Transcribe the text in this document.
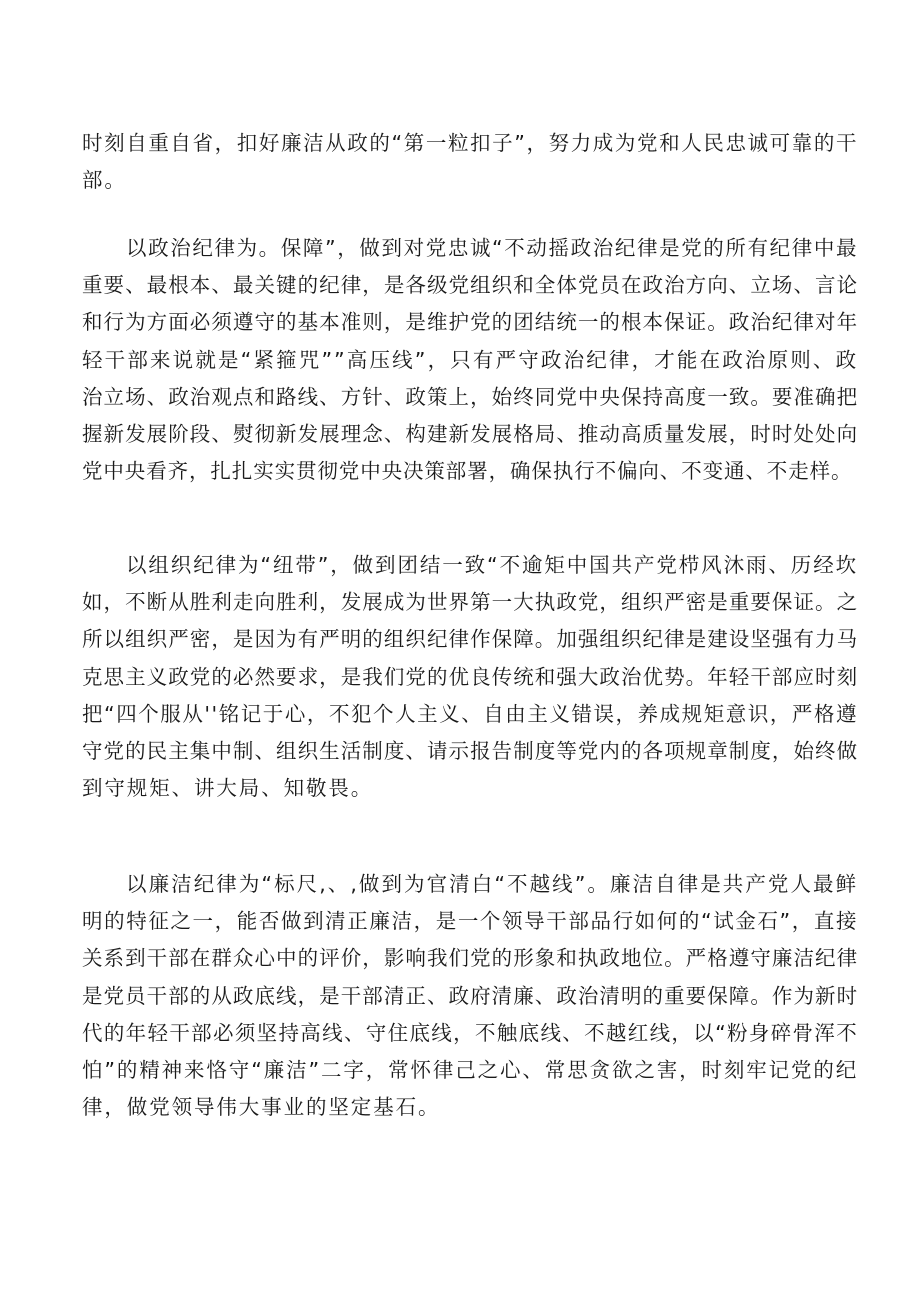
时刻自重自省，扣好廉洁从政的“第一粒扣子”，努力成为党和人民忠诚可靠的干
部。
以政治纪律为。保障”，做到对党忠诚“不动摇政治纪律是党的所有纪律中最
重要、最根本、最关键的纪律，是各级党组织和全体党员在政治方向、立场、言论
和行为方面必须遵守的基本准则，是维护党的团结统一的根本保证。政治纪律对年
轻干部来说就是“紧箍咒””高压线”，只有严守政治纪律，才能在政治原则、政
治立场、政治观点和路线、方针、政策上，始终同党中央保持高度一致。要准确把
握新发展阶段、熨彻新发展理念、构建新发展格局、推动高质量发展，时时处处向
党中央看齐，扎扎实实贯彻党中央决策部署，确保执行不偏向、不变通、不走样。
以组织纪律为“纽带”，做到团结一致“不逾矩中国共产党栉风沐雨、历经坎
如，不断从胜利走向胜利，发展成为世界第一大执政党，组织严密是重要保证。之
所以组织严密，是因为有严明的组织纪律作保障。加强组织纪律是建设坚强有力马
克思主义政党的必然要求，是我们党的优良传统和强大政治优势。年轻干部应时刻
把“四个服从''铭记于心，不犯个人主义、自由主义错误，养成规矩意识，严格遵
守党的民主集中制、组织生活制度、请示报告制度等党内的各项规章制度，始终做
到守规矩、讲大局、知敬畏。
以廉洁纪律为“标尺,、,做到为官清白“不越线”。廉洁自律是共产党人最鲜
明的特征之一，能否做到清正廉洁，是一个领导干部品行如何的“试金石”，直接
关系到干部在群众心中的评价，影响我们党的形象和执政地位。严格遵守廉洁纪律
是党员干部的从政底线，是干部清正、政府清廉、政治清明的重要保障。作为新时
代的年轻干部必须坚持高线、守住底线，不触底线、不越红线，以“粉身碎骨浑不
怕”的精神来恪守“廉洁”二字，常怀律己之心、常思贪欲之害，时刻牢记党的纪
律，做党领导伟大事业的坚定基石。
